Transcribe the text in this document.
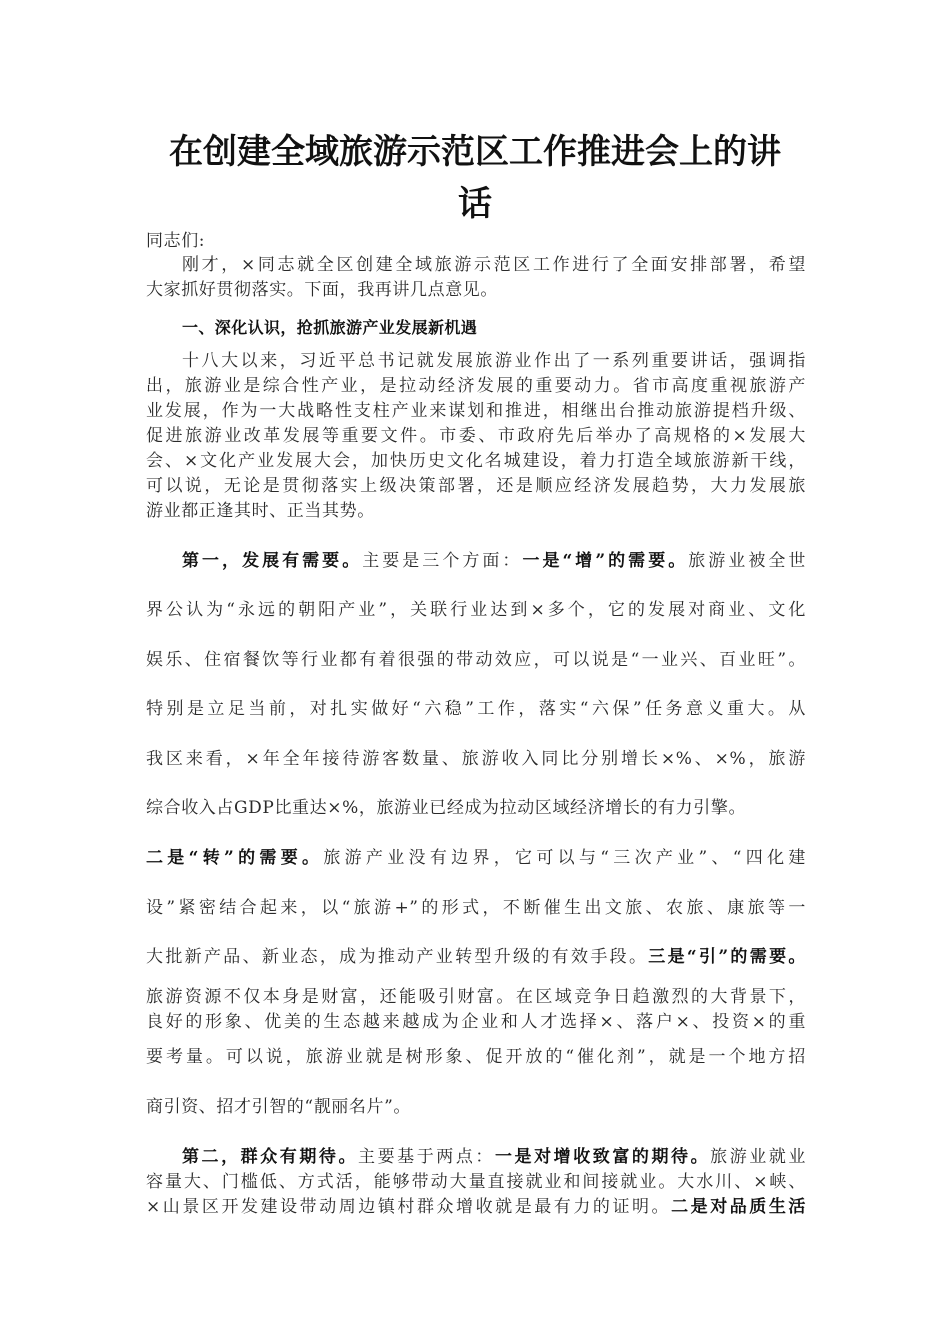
在创建全域旅游示范区工作推进会上的讲
话
同志们:
刚才，×同志就全区创建全域旅游示范区工作进行了全面安排部署，希望
大家抓好贯彻落实。下面，我再讲几点意见。
一、深化认识，抢抓旅游产业发展新机遇
十八大以来，习近平总书记就发展旅游业作出了一系列重要讲话，强调指
出，旅游业是综合性产业，是拉动经济发展的重要动力。省市高度重视旅游产
业发展，作为一大战略性支柱产业来谋划和推进，相继出台推动旅游提档升级、
促进旅游业改革发展等重要文件。市委、市政府先后举办了高规格的×发展大
会、×文化产业发展大会，加快历史文化名城建设，着力打造全域旅游新干线，
可以说，无论是贯彻落实上级决策部署，还是顺应经济发展趋势，大力发展旅
游业都正逢其时、正当其势。
第一，发展有需要。主要是三个方面：一是“增”的需要。旅游业被全世
界公认为“永远的朝阳产业”，关联行业达到×多个，它的发展对商业、文化
娱乐、住宿餐饮等行业都有着很强的带动效应，可以说是“一业兴、百业旺”。
特别是立足当前，对扎实做好“六稳”工作，落实“六保”任务意义重大。从
我区来看，×年全年接待游客数量、旅游收入同比分别增长×%、×%，旅游
综合收入占GDP比重达×%，旅游业已经成为拉动区域经济增长的有力引擎。
二是“转”的需要。旅游产业没有边界，它可以与“三次产业”、“四化建
设”紧密结合起来，以“旅游+”的形式，不断催生出文旅、农旅、康旅等一
大批新产品、新业态，成为推动产业转型升级的有效手段。三是“引”的需要。
旅游资源不仅本身是财富，还能吸引财富。在区域竞争日趋激烈的大背景下，
良好的形象、优美的生态越来越成为企业和人才选择×、落户×、投资×的重
要考量。可以说，旅游业就是树形象、促开放的“催化剂”，就是一个地方招
商引资、招才引智的“靓丽名片”。
第二，群众有期待。主要基于两点：一是对增收致富的期待。旅游业就业
容量大、门槛低、方式活，能够带动大量直接就业和间接就业。大水川、×峡、
×山景区开发建设带动周边镇村群众增收就是最有力的证明。二是对品质生活
